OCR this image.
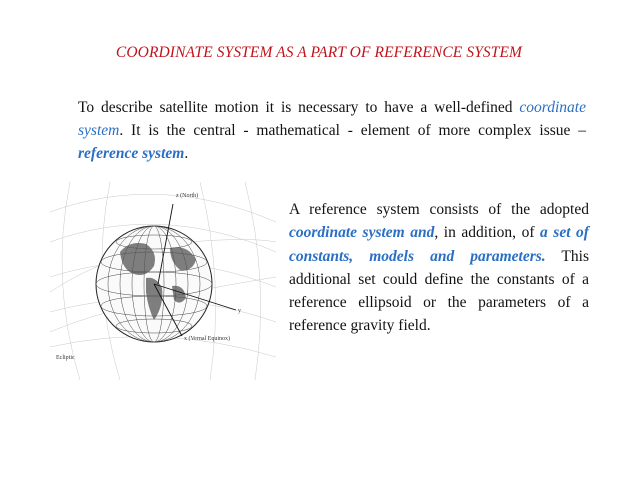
COORDINATE SYSTEM AS A PART OF REFERENCE SYSTEM
To describe satellite motion it is necessary to have a well-defined coordinate system. It is the central - mathematical - element of more complex issue – reference system.
z (North)
x (Vernal Equinox)
y
Ecliptic
A reference system consists of the adopted coordinate system and, in addition, of a set of constants, models and parameters. This additional set could define the constants of a reference ellipsoid or the parameters of a reference gravity field.
